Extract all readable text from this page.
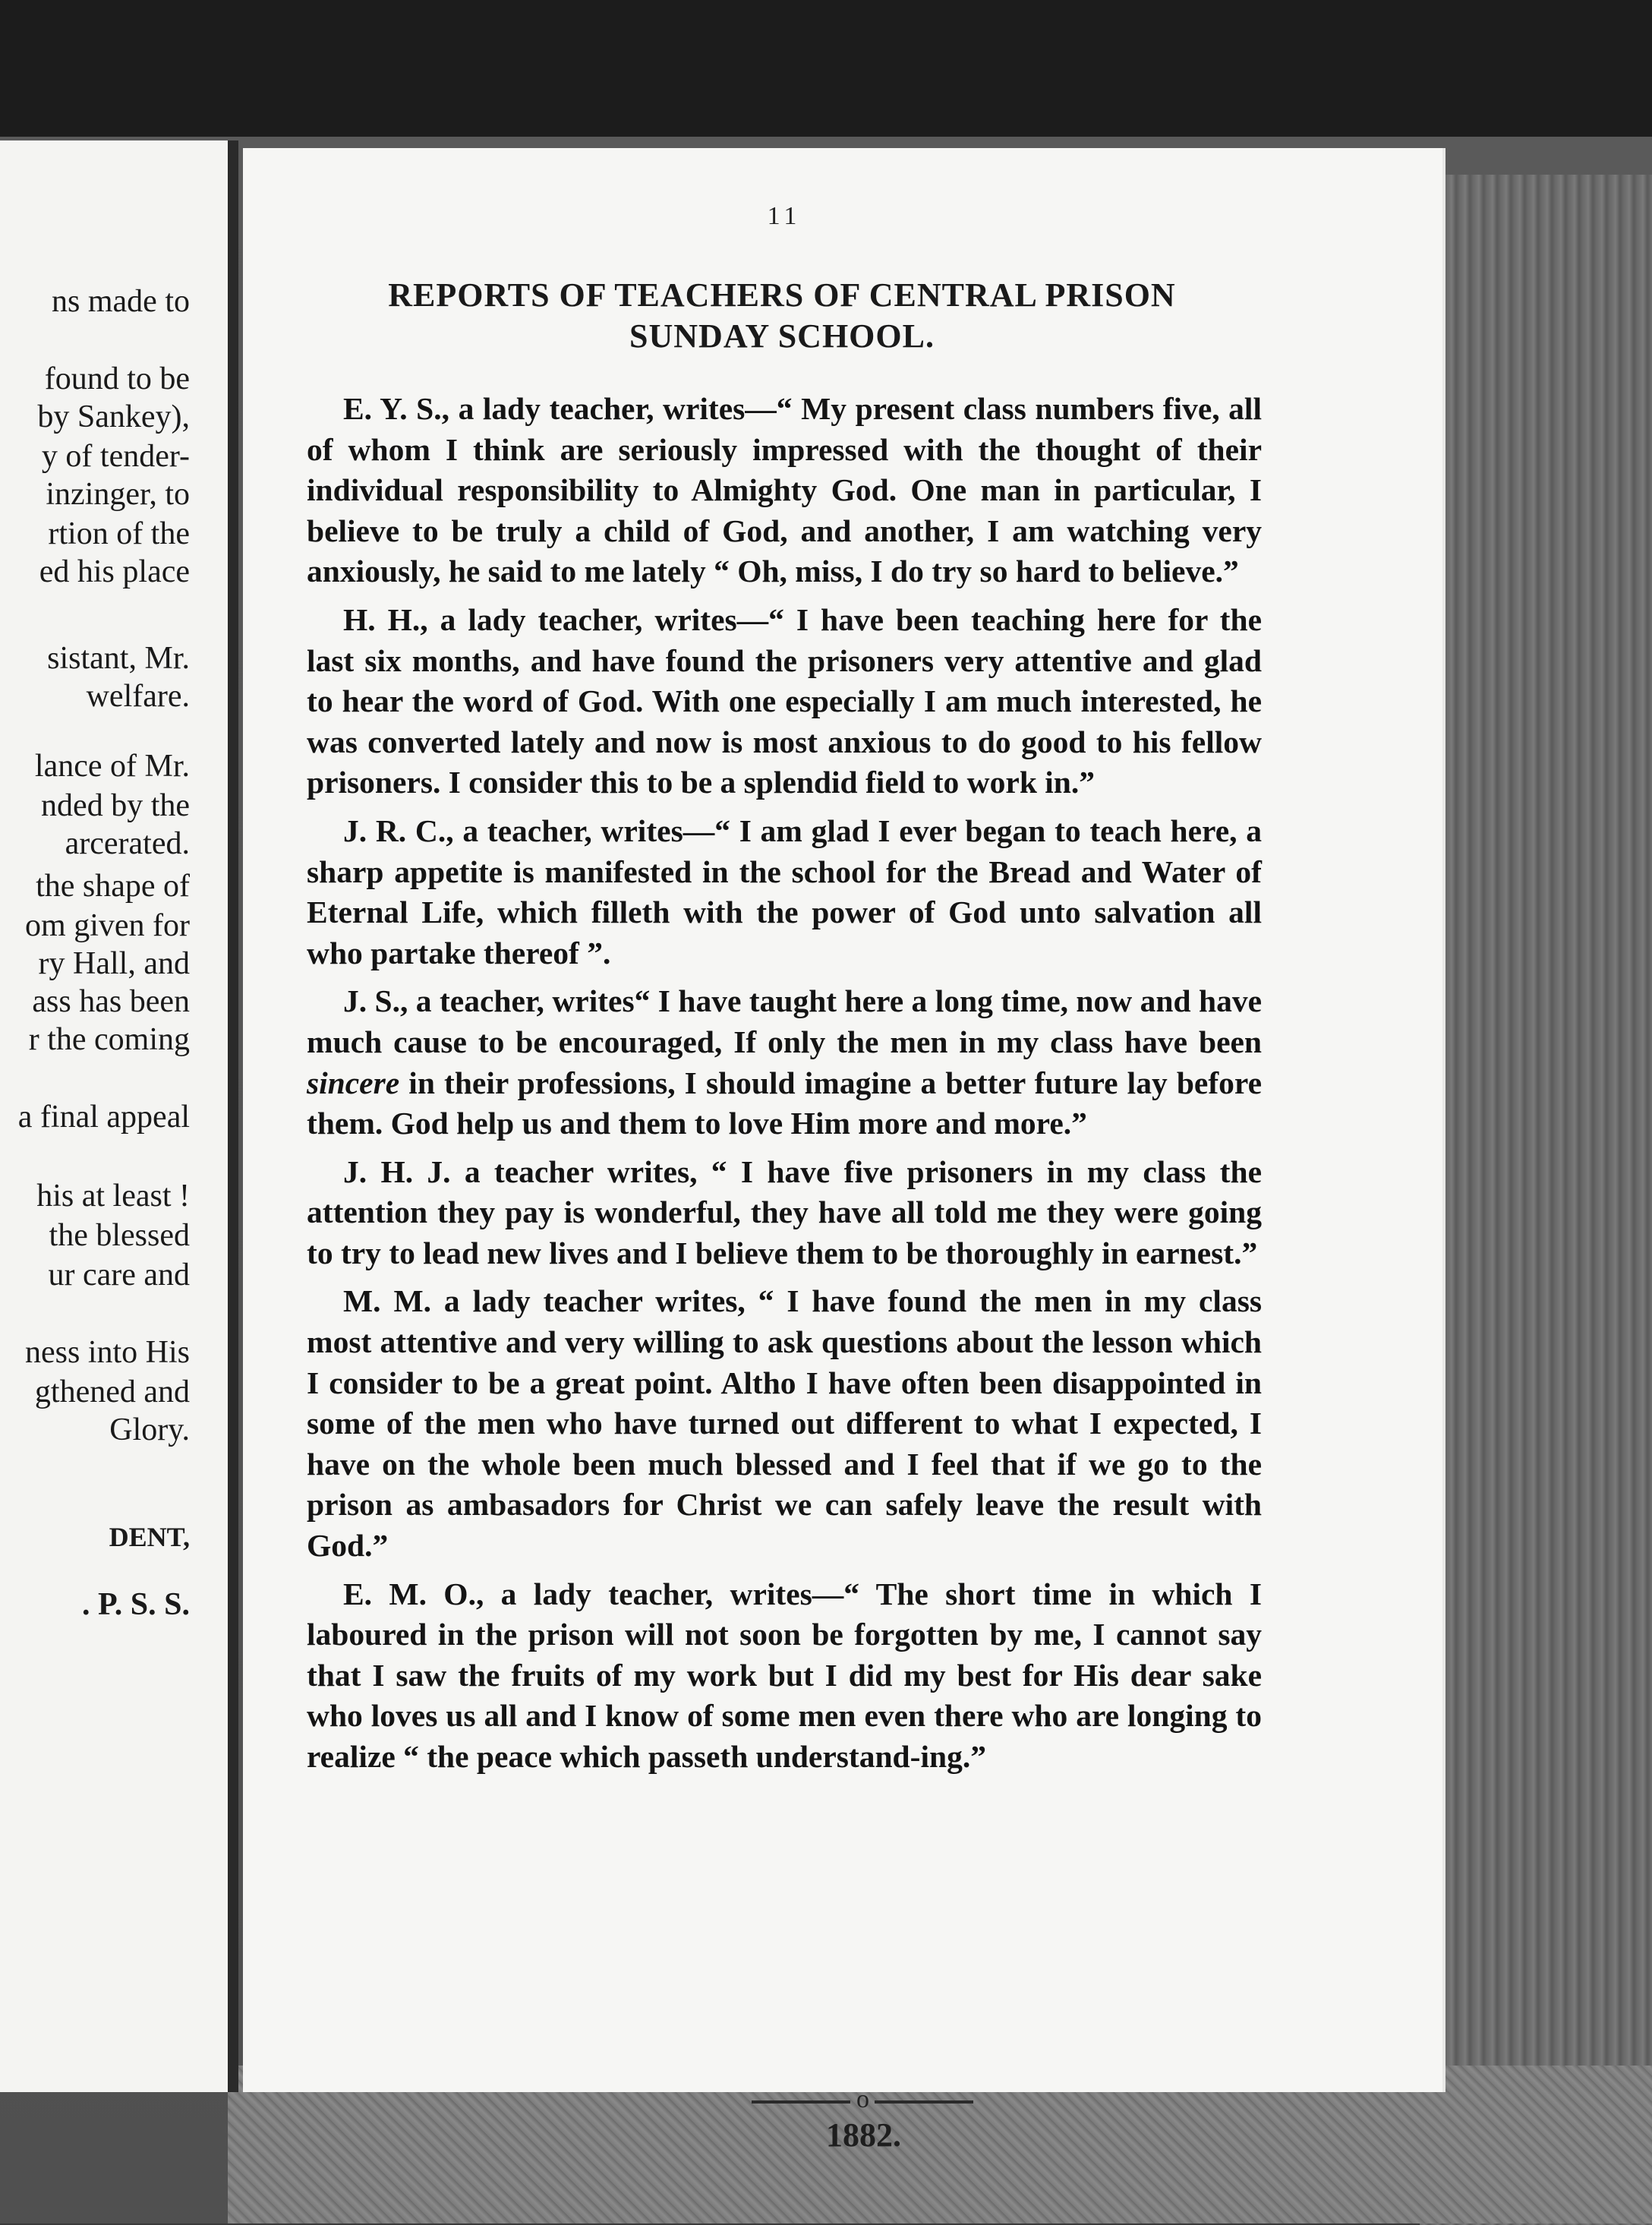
ns made to
found to be
by Sankey),
y of tender-
inzinger, to
rtion of the
ed his place
sistant, Mr.
welfare.
lance of Mr.
nded by the
arcerated.
the shape of
om given for
ry Hall, and
ass has been
r the coming
a final appeal
his at least !
the blessed
ur care and
ness into His
gthened and
Glory.
DENT,
. P. S. S.
11
REPORTS OF TEACHERS OF CENTRAL PRISON
SUNDAY SCHOOL.

E. Y. S., a lady teacher, writes—“ My present class numbers five, all of whom I think are seriously impressed with the thought of their individual responsibility to Almighty God. One man in particular, I believe to be truly a child of God, and another, I am watching very anxiously, he said to me lately “ Oh, miss, I do try so hard to believe.”

H. H., a lady teacher, writes—“ I have been teaching here for the last six months, and have found the prisoners very attentive and glad to hear the word of God. With one especially I am much interested, he was converted lately and now is most anxious to do good to his fellow prisoners. I consider this to be a splendid field to work in.”

J. R. C., a teacher, writes—“ I am glad I ever began to teach here, a sharp appetite is manifested in the school for the Bread and Water of Eternal Life, which filleth with the power of God unto salvation all who partake thereof ”.

J. S., a teacher, writes“ I have taught here a long time, now and have much cause to be encouraged, If only the men in my class have been sincere in their professions, I should imagine a better future lay before them. God help us and them to love Him more and more.”

J. H. J. a teacher writes, “ I have five prisoners in my class the attention they pay is wonderful, they have all told me they were going to try to lead new lives and I believe them to be thoroughly in earnest.”

M. M. a lady teacher writes, “ I have found the men in my class most attentive and very willing to ask questions about the lesson which I consider to be a great point. Altho I have often been disappointed in some of the men who have turned out different to what I expected, I have on the whole been much blessed and I feel that if we go to the prison as ambasadors for Christ we can safely leave the result with God.”

E. M. O., a lady teacher, writes—“ The short time in which I laboured in the prison will not soon be forgotten by me, I cannot say that I saw the fruits of my work but I did my best for His dear sake who loves us all and I know of some men even there who are longing to realize “ the peace which passeth understand-ing.”

o
1882.
